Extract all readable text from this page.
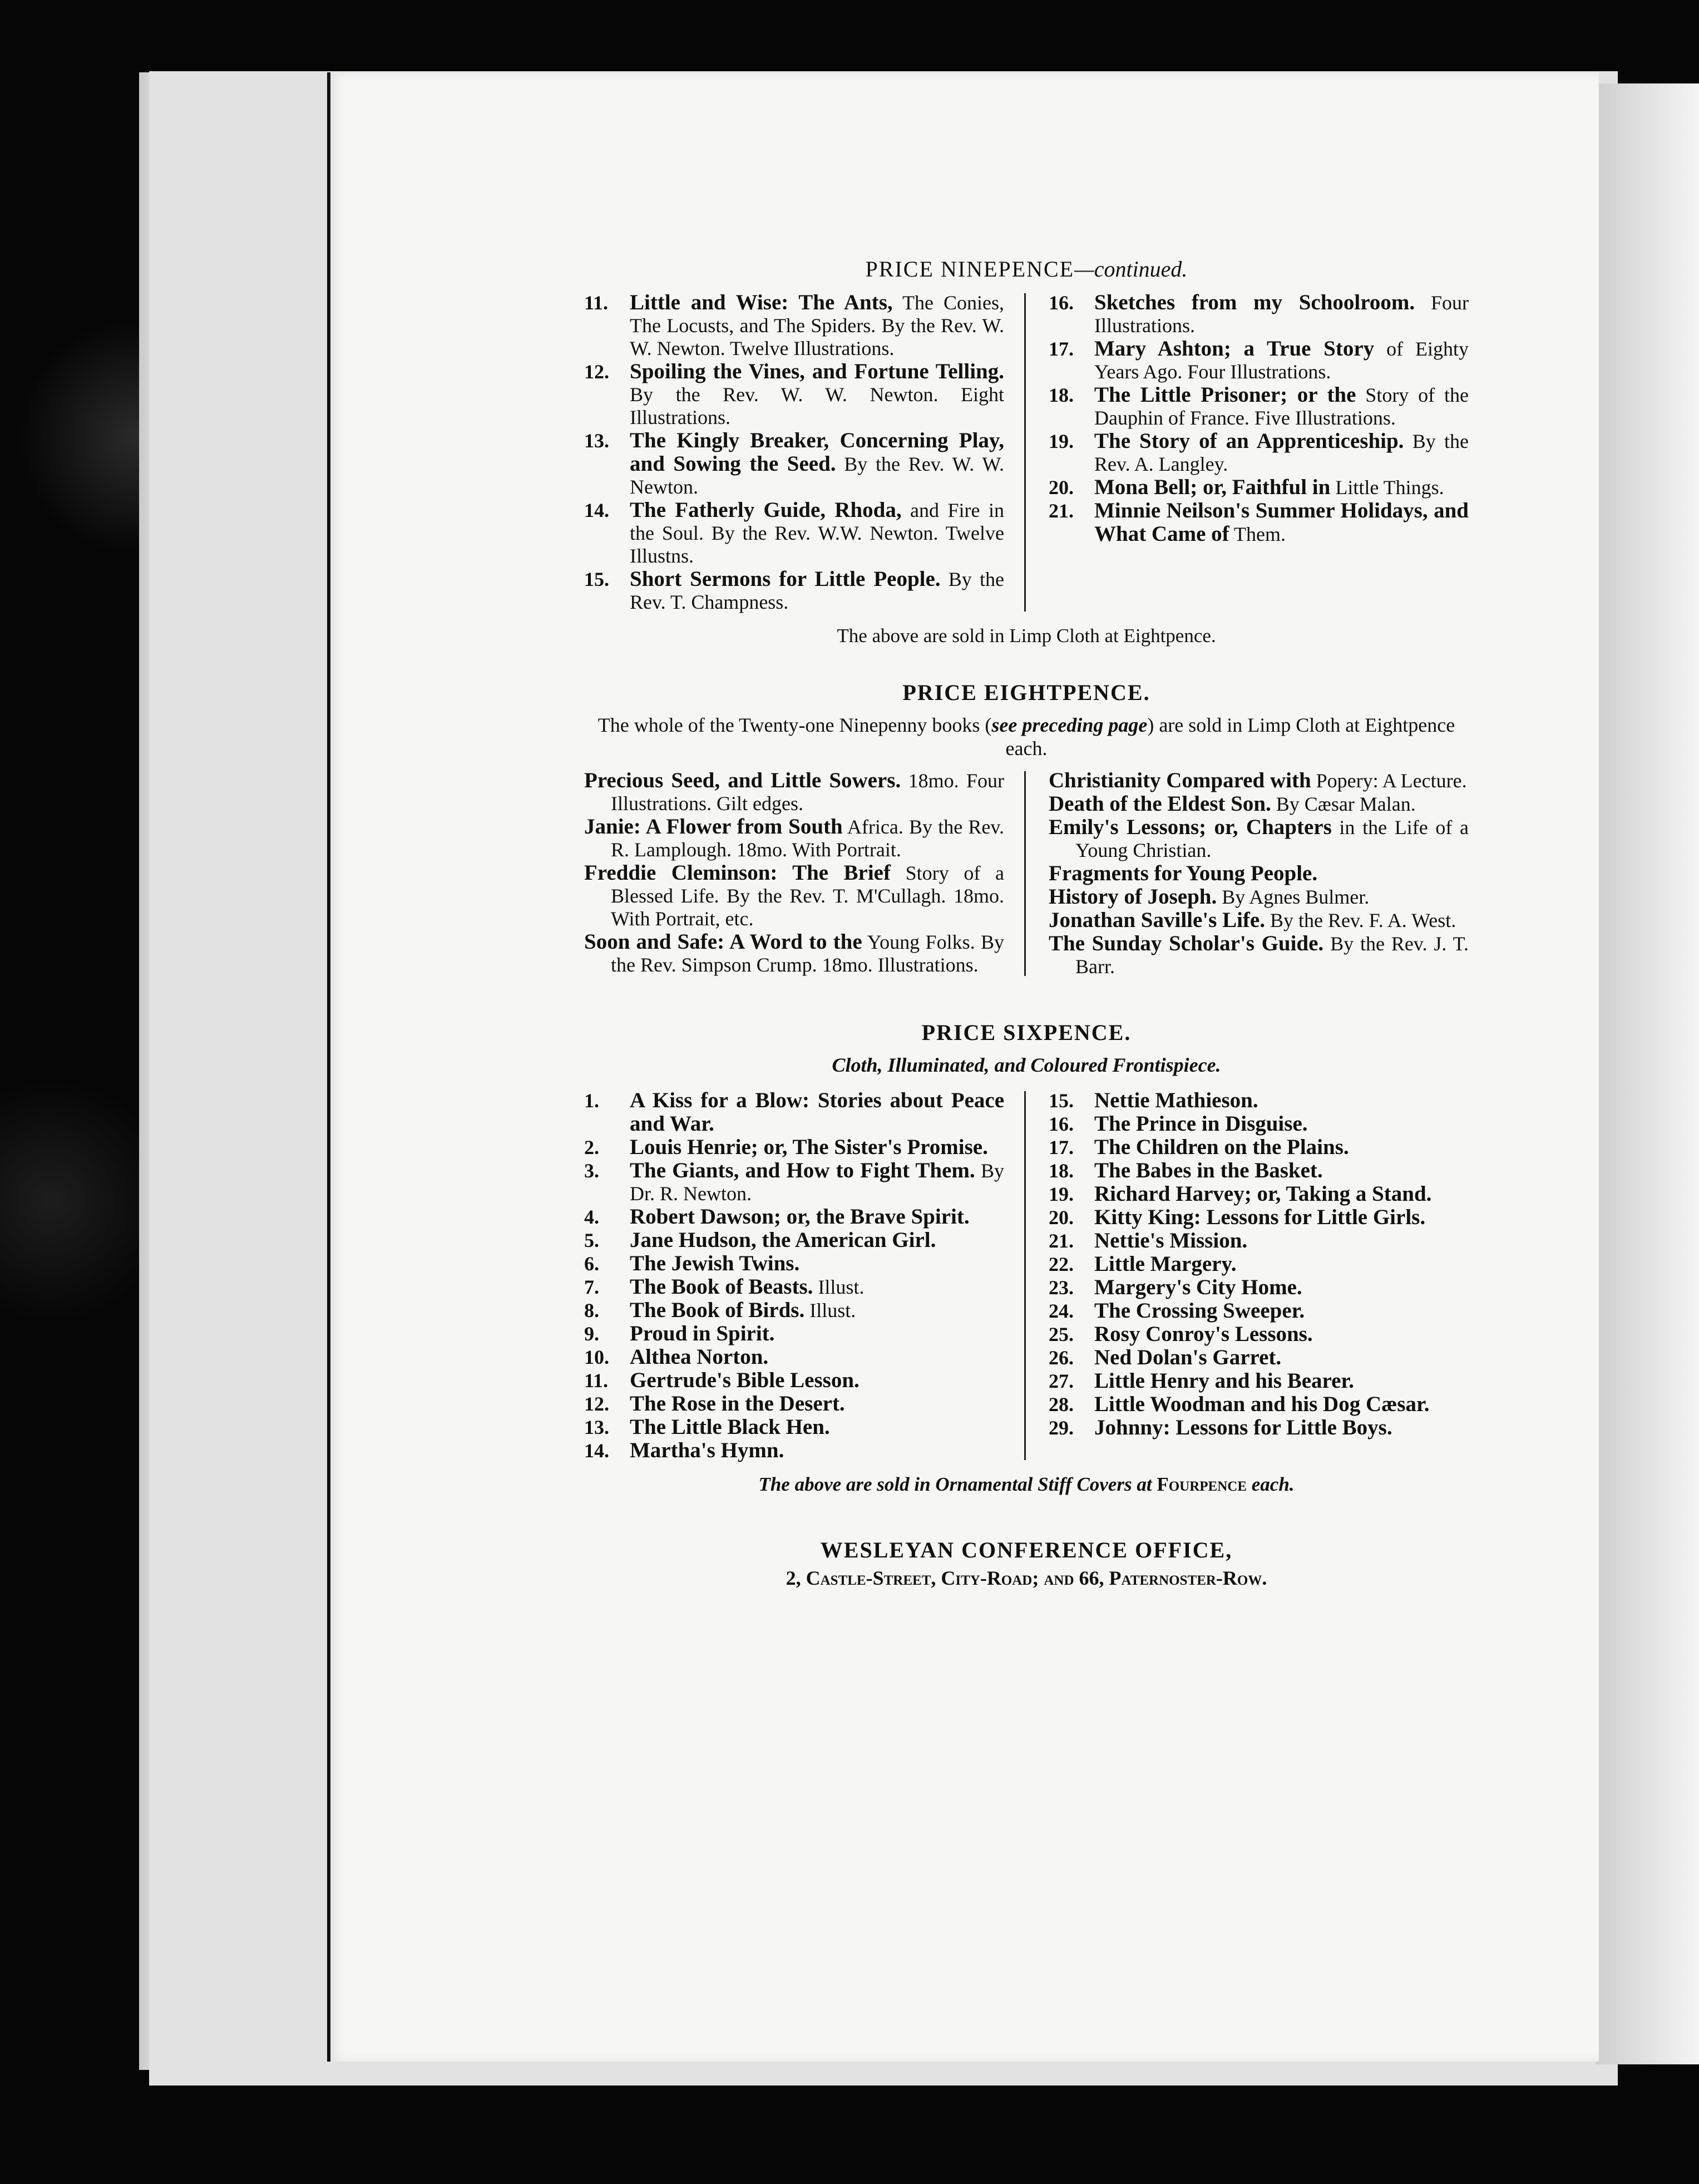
PRICE NINEPENCE—continued.
11. Little and Wise: The Ants, The Conies, The Locusts, and The Spiders. By the Rev. W. W. Newton. Twelve Illustrations.
12. Spoiling the Vines, and Fortune Telling. By the Rev. W. W. Newton. Eight Illustrations.
13. The Kingly Breaker, Concerning Play, and Sowing the Seed. By the Rev. W. W. Newton.
14. The Fatherly Guide, Rhoda, and Fire in the Soul. By the Rev. W.W. Newton. Twelve Illustns.
15. Short Sermons for Little People. By the Rev. T. Champness.
16. Sketches from my Schoolroom. Four Illustrations.
17. Mary Ashton; a True Story of Eighty Years Ago. Four Illustrations.
18. The Little Prisoner; or the Story of the Dauphin of France. Five Illustrations.
19. The Story of an Apprenticeship. By the Rev. A. Langley.
20. Mona Bell; or, Faithful in Little Things.
21. Minnie Neilson's Summer Holidays, and What Came of Them.
The above are sold in Limp Cloth at Eightpence.
PRICE EIGHTPENCE.
The whole of the Twenty-one Ninepenny books (see preceding page) are sold in Limp Cloth at Eightpence each.
Precious Seed, and Little Sowers. 18mo. Four Illustrations. Gilt edges.
Janie: A Flower from South Africa. By the Rev. R. Lamplough. 18mo. With Portrait.
Freddie Cleminson: The Brief Story of a Blessed Life. By the Rev. T. M'Cullagh. 18mo. With Portrait, etc.
Soon and Safe: A Word to the Young Folks. By the Rev. Simpson Crump. 18mo. Illustrations.
Christianity Compared with Popery: A Lecture.
Death of the Eldest Son. By Cæsar Malan.
Emily's Lessons; or, Chapters in the Life of a Young Christian.
Fragments for Young People.
History of Joseph. By Agnes Bulmer.
Jonathan Saville's Life. By the Rev. F. A. West.
The Sunday Scholar's Guide. By the Rev. J. T. Barr.
PRICE SIXPENCE.
Cloth, Illuminated, and Coloured Frontispiece.
1. A Kiss for a Blow: Stories about Peace and War.
2. Louis Henrie; or, The Sister's Promise.
3. The Giants, and How to Fight Them. By Dr. R. Newton.
4. Robert Dawson; or, the Brave Spirit.
5. Jane Hudson, the American Girl.
6. The Jewish Twins.
7. The Book of Beasts. Illust.
8. The Book of Birds. Illust.
9. Proud in Spirit.
10. Althea Norton.
11. Gertrude's Bible Lesson.
12. The Rose in the Desert.
13. The Little Black Hen.
14. Martha's Hymn.
15. Nettie Mathieson.
16. The Prince in Disguise.
17. The Children on the Plains.
18. The Babes in the Basket.
19. Richard Harvey; or, Taking a Stand.
20. Kitty King: Lessons for Little Girls.
21. Nettie's Mission.
22. Little Margery.
23. Margery's City Home.
24. The Crossing Sweeper.
25. Rosy Conroy's Lessons.
26. Ned Dolan's Garret.
27. Little Henry and his Bearer.
28. Little Woodman and his Dog Cæsar.
29. Johnny: Lessons for Little Boys.
The above are sold in Ornamental Stiff Covers at Fourpence each.
WESLEYAN CONFERENCE OFFICE,
2, Castle-Street, City-Road; and 66, Paternoster-Row.
